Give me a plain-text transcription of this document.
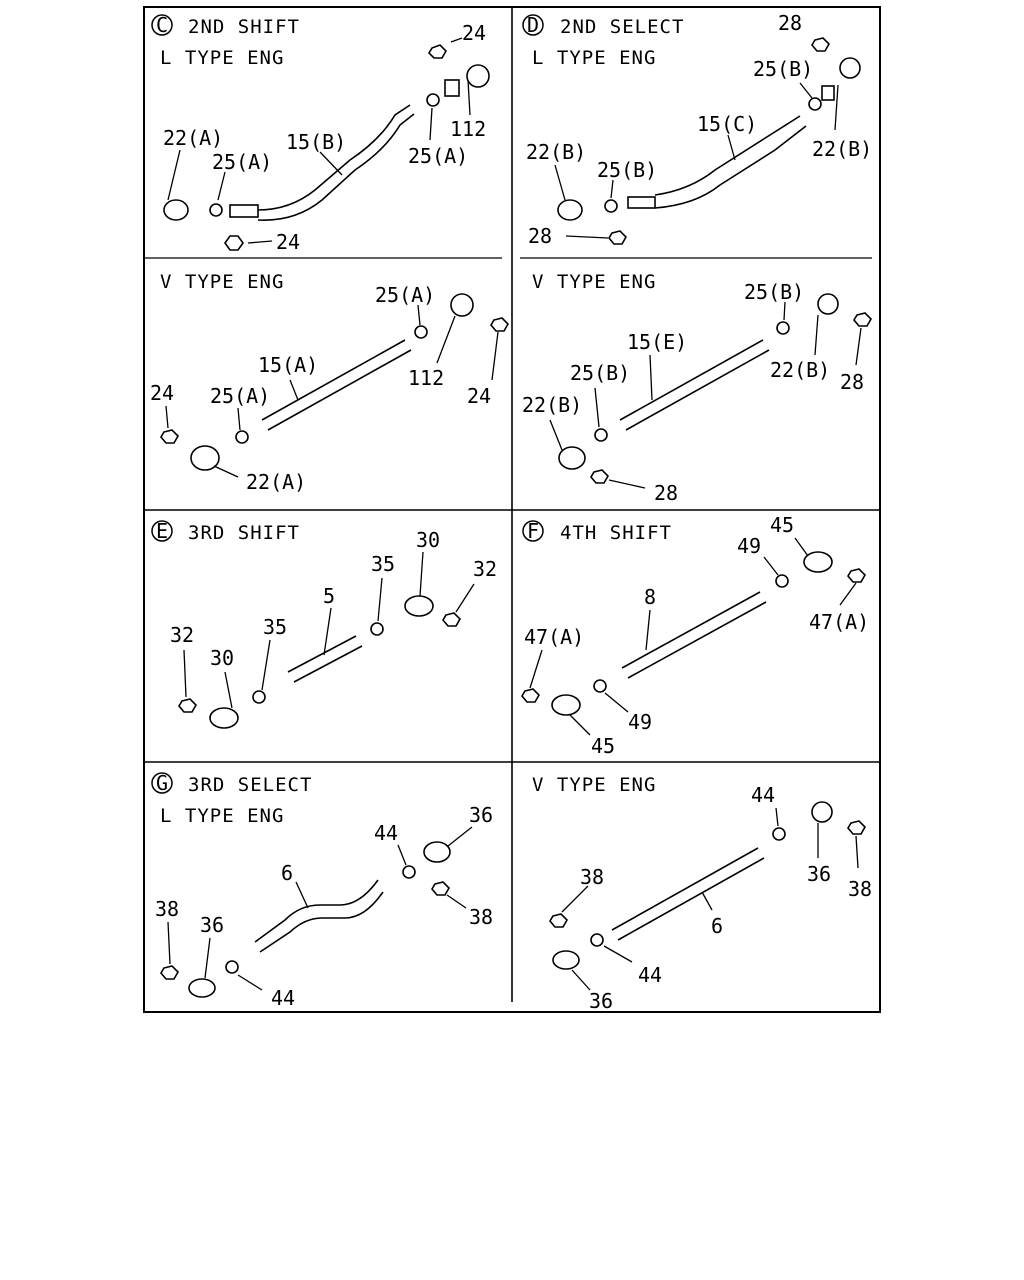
C 2ND SHIFT
L TYPE ENG
V TYPE ENG
24
112
15(B)
25(A)
22(A)
25(A)
24
25(A)
112
24
15(A)
24 25(A)
22(A)
D 2ND SELECT
L TYPE ENG
V TYPE ENG
28
25(B)
22(B)
15(C)
22(B)
25(B)
28
25(B)
22(B) 28
15(E)
25(B)
22(B)
28
E 3RD SHIFT	30
32
35
5
35
32
30
F 4TH SHIFT	45
49
47(A)
8
47(A)
49
45
G 3RD SELECT
L TYPE ENG
V TYPE ENG
36
44
38
6
38
36
44
44
36
38
38
6
44
36
